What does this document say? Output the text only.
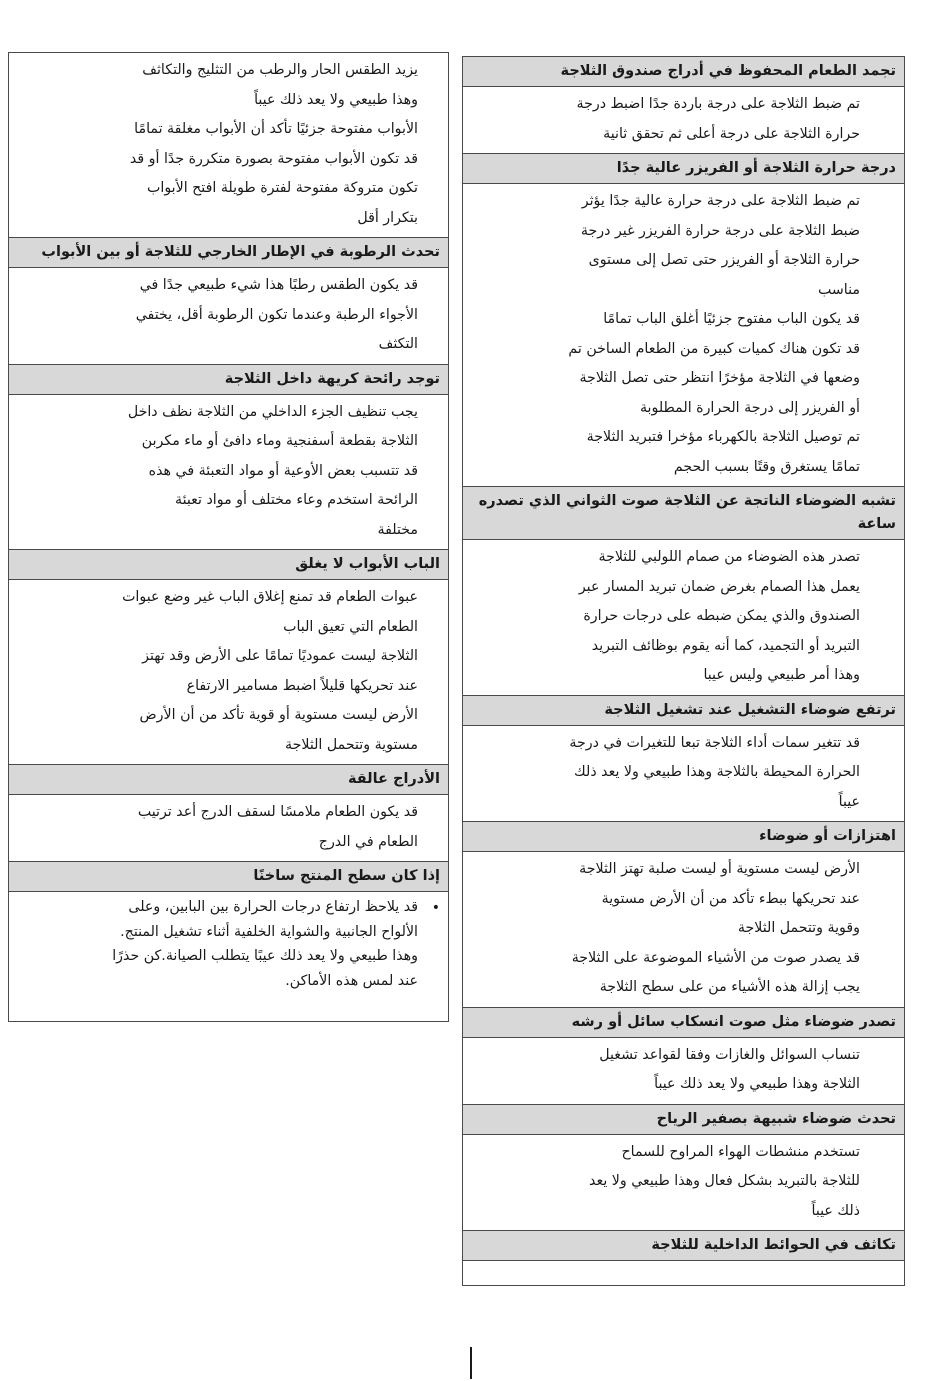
تجمد الطعام المحفوظ في أدراج صندوق الثلاجة

تم ضبط الثلاجة على درجة باردة جدًا اضبط درجة

حرارة الثلاجة على درجة أعلى ثم تحقق ثانية

درجة حرارة الثلاجة أو الفريزر عالية جدًا

تم ضبط الثلاجة على درجة حرارة عالية جدًا يؤثر

ضبط الثلاجة على درجة حرارة الفريزر غير درجة

حرارة الثلاجة أو الفريزر حتى تصل إلى مستوى

مناسب

قد يكون الباب مفتوح جزئيًا أغلق الباب تمامًا

قد تكون هناك كميات كبيرة من الطعام الساخن تم

وضعها في الثلاجة مؤخرًا انتظر حتى تصل الثلاجة

أو الفريزر إلى درجة الحرارة المطلوبة

تم توصيل الثلاجة بالكهرباء مؤخرا فتبريد الثلاجة

تمامًا يستغرق وقتًا بسبب الحجم

تشبه الضوضاء الناتجة عن الثلاجة صوت الثواني الذي تصدره ساعة

تصدر هذه الضوضاء من صمام اللولبي للثلاجة

يعمل هذا الصمام بغرض ضمان تبريد المسار عبر

الصندوق والذي يمكن ضبطه على درجات حرارة

التبريد أو التجميد، كما أنه يقوم بوظائف التبريد

وهذا أمر طبيعي وليس عيبا

ترتفع ضوضاء التشغيل عند تشغيل الثلاجة

قد تتغير سمات أداء الثلاجة تبعا للتغيرات في درجة

الحرارة المحيطة بالثلاجة وهذا طبيعي ولا يعد ذلك

عيباً

اهتزازات أو ضوضاء

الأرض ليست مستوية أو ليست صلبة تهتز الثلاجة

عند تحريكها ببطء تأكد من أن الأرض مستوية

وقوية وتتحمل الثلاجة

قد يصدر صوت من الأشياء الموضوعة على الثلاجة

يجب إزالة هذه الأشياء من على سطح الثلاجة

تصدر ضوضاء مثل صوت انسكاب سائل أو رشه

تنساب السوائل والغازات وفقا لقواعد تشغيل

الثلاجة وهذا طبيعي ولا يعد ذلك عيباً

تحدث ضوضاء شبيهة بصفير الرياح

تستخدم منشطات الهواء المراوح للسماح

للثلاجة بالتبريد بشكل فعال وهذا طبيعي ولا يعد

ذلك عيباً

تكاثف في الحوائط الداخلية للثلاجة

يزيد الطقس الحار والرطب من التثليج والتكاثف

وهذا طبيعي ولا يعد ذلك عيباً

الأبواب مفتوحة جزئيًا تأكد أن الأبواب مغلقة تمامًا

قد تكون الأبواب مفتوحة بصورة متكررة جدًا أو قد

تكون متروكة مفتوحة لفترة طويلة افتح الأبواب

بتكرار أقل

تحدث الرطوبة في الإطار الخارجي للثلاجة أو بين الأبواب

قد يكون الطقس رطبًا هذا شيء طبيعي جدًا في

الأجواء الرطبة وعندما تكون الرطوبة أقل، يختفي

التكثف

توجد رائحة كريهة داخل الثلاجة

يجب تنظيف الجزء الداخلي من الثلاجة نظف داخل

الثلاجة بقطعة أسفنجية وماء دافئ أو ماء مكربن

قد تتسبب بعض الأوعية أو مواد التعبئة في هذه

الرائحة استخدم وعاء مختلف أو مواد تعبئة

مختلفة

الباب الأبواب لا يغلق

عبوات الطعام قد تمنع إغلاق الباب غير وضع عبوات

الطعام التي تعيق الباب

الثلاجة ليست عموديًا تمامًا على الأرض وقد تهتز

عند تحريكها قليلاً اضبط مسامير الارتفاع

الأرض ليست مستوية أو قوية تأكد من أن الأرض

مستوية وتتحمل الثلاجة

الأدراج عالقة

قد يكون الطعام ملامسًا لسقف الدرج أعد ترتيب

الطعام في الدرج

إذا كان سطح المنتج ساخنًا
•

قد يلاحظ ارتفاع درجات الحرارة بين البابين، وعلى

الألواح الجانبية والشواية الخلفية أثناء تشغيل المنتج.

وهذا طبيعي ولا يعد ذلك عيبًا يتطلب الصيانة.كن حذرًا

عند لمس هذه الأماكن.
